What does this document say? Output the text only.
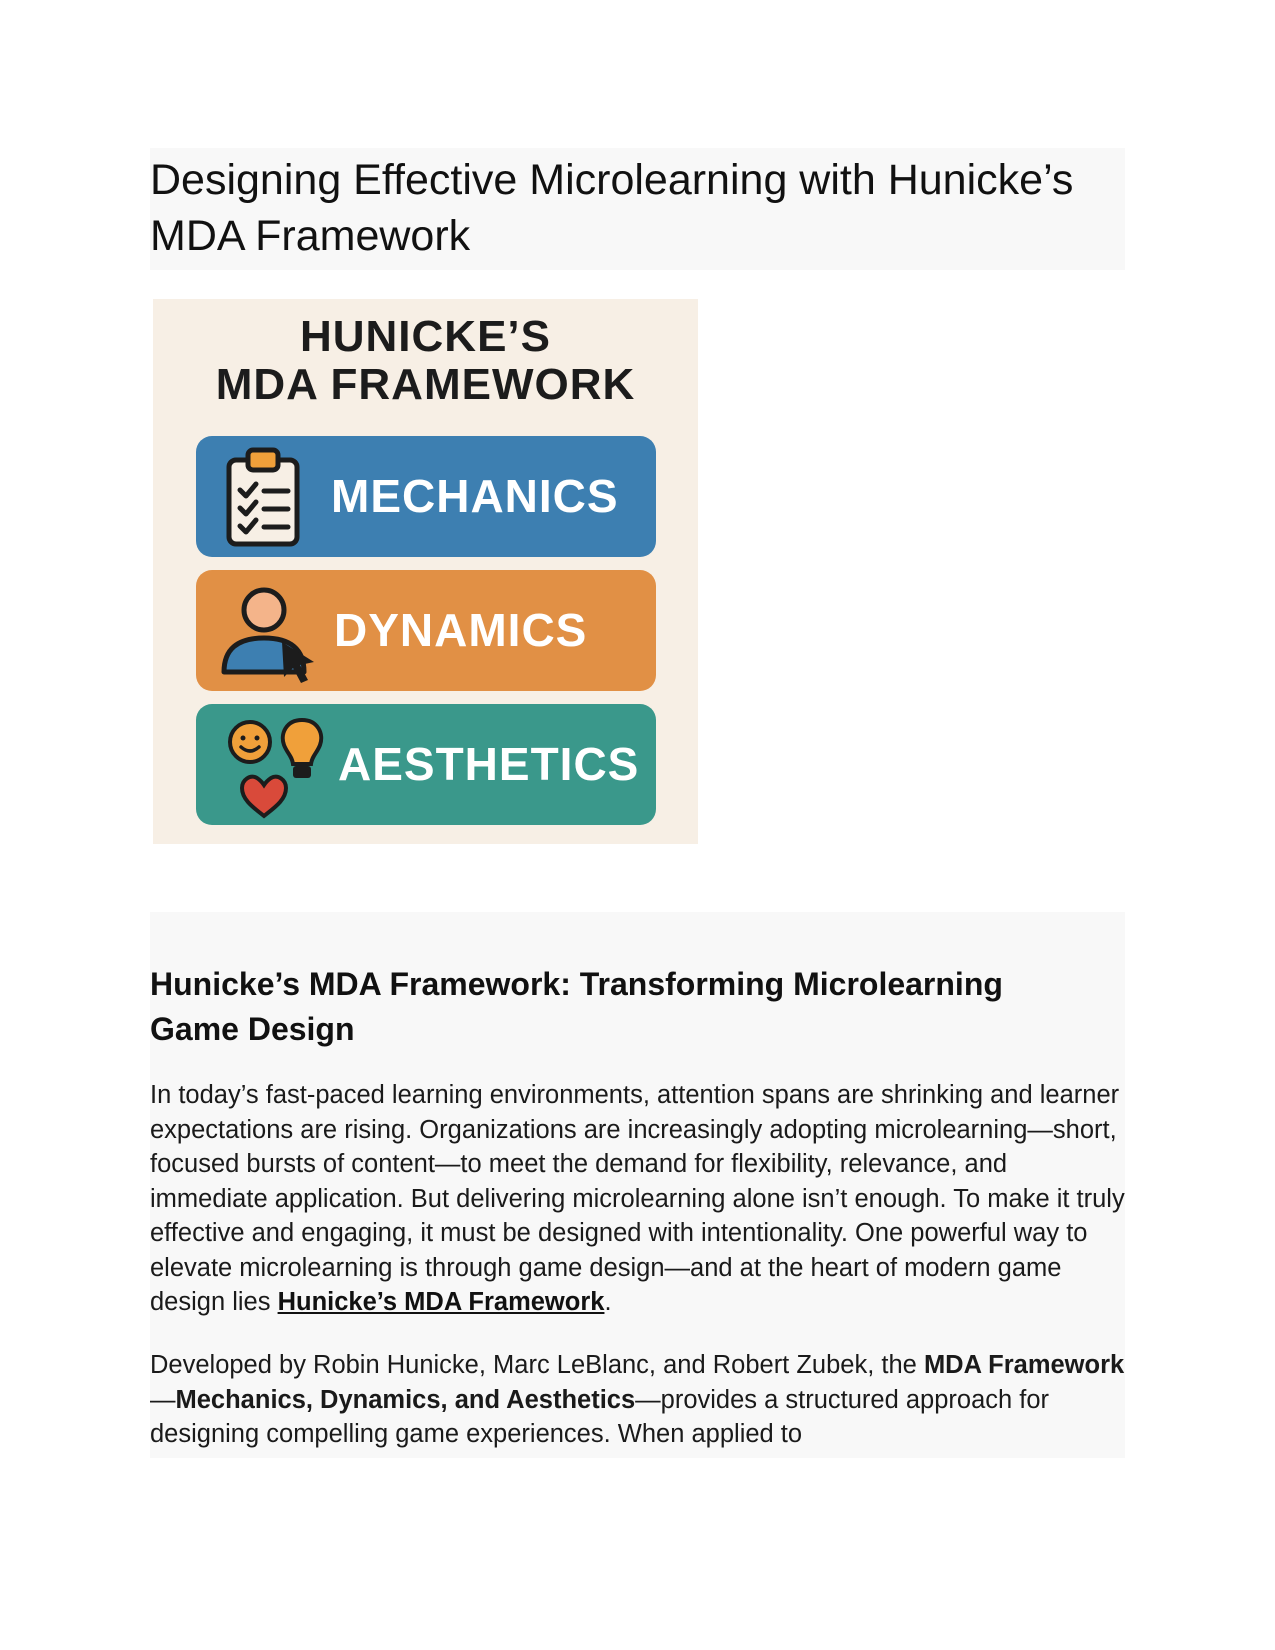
Designing Effective Microlearning with Hunicke’s MDA Framework
HUNICKE’S
MDA FRAMEWORK
MECHANICS
DYNAMICS
AESTHETICS
Hunicke’s MDA Framework: Transforming Microlearning Game Design

In today’s fast-paced learning environments, attention spans are shrinking and learner expectations are rising. Organizations are increasingly adopting microlearning—short, focused bursts of content—to meet the demand for flexibility, relevance, and immediate application. But delivering microlearning alone isn’t enough. To make it truly effective and engaging, it must be designed with intentionality. One powerful way to elevate microlearning is through game design—and at the heart of modern game design lies Hunicke’s MDA Framework.

Developed by Robin Hunicke, Marc LeBlanc, and Robert Zubek, the MDA Framework—Mechanics, Dynamics, and Aesthetics—provides a structured approach for designing compelling game experiences. When applied to
